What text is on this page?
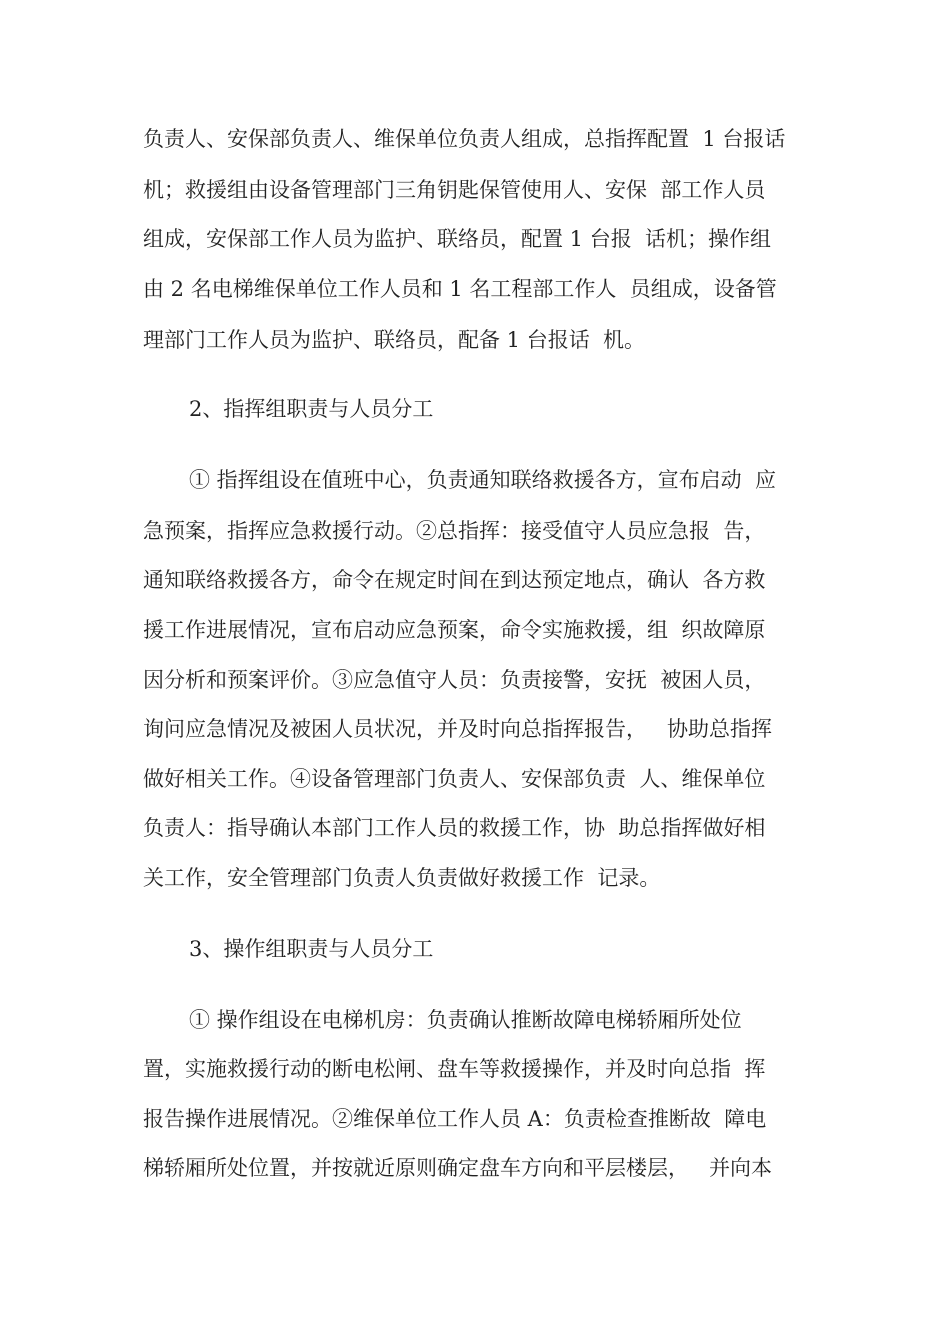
负责人、安保部负责人、维保单位负责人组成，总指挥配置  1 台报话
机；救援组由设备管理部门三角钥匙保管使用人、安保  部工作人员
组成，安保部工作人员为监护、联络员，配置 1 台报  话机；操作组
由 2 名电梯维保单位工作人员和 1 名工程部工作人  员组成，设备管
理部门工作人员为监护、联络员，配备 1 台报话  机。
2、指挥组职责与人员分工
① 指挥组设在值班中心，负责通知联络救援各方，宣布启动  应
急预案，指挥应急救援行动。②总指挥：接受值守人员应急报  告，
通知联络救援各方，命令在规定时间在到达预定地点，确认  各方救
援工作进展情况，宣布启动应急预案，命令实施救援，组  织故障原
因分析和预案评价。③应急值守人员：负责接警，安抚  被困人员，
询问应急情况及被困人员状况，并及时向总指挥报告，   协助总指挥
做好相关工作。④设备管理部门负责人、安保部负责  人、维保单位
负责人：指导确认本部门工作人员的救援工作，协  助总指挥做好相
关工作，安全管理部门负责人负责做好救援工作  记录。
3、操作组职责与人员分工
① 操作组设在电梯机房：负责确认推断故障电梯轿厢所处位
置，实施救援行动的断电松闸、盘车等救援操作，并及时向总指  挥
报告操作进展情况。②维保单位工作人员 A：负责检查推断故  障电
梯轿厢所处位置，并按就近原则确定盘车方向和平层楼层，   并向本
